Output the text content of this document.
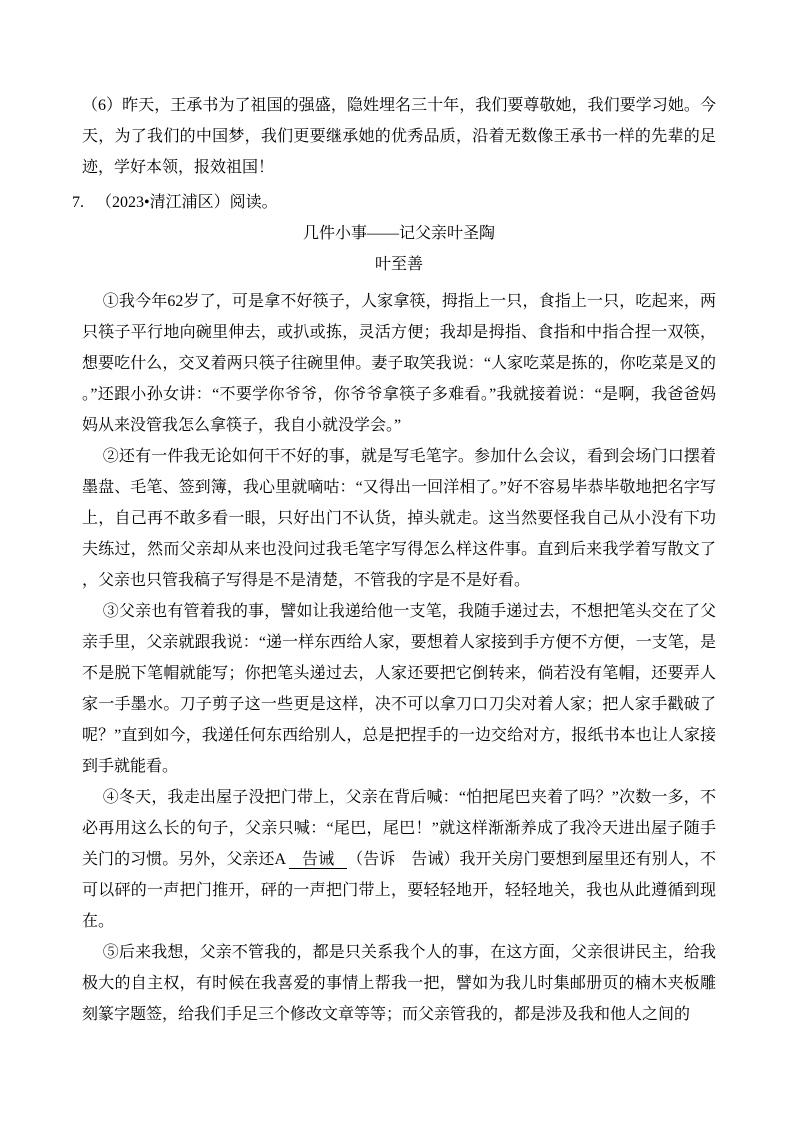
（6）昨天，王承书为了祖国的强盛，隐姓埋名三十年，我们要尊敬她，我们要学习她。今天，为了我们的中国梦，我们更要继承她的优秀品质，沿着无数像王承书一样的先辈的足迹，学好本领，报效祖国！

7. （2023•清江浦区）阅读。

几件小事——记父亲叶圣陶

叶至善

①我今年62岁了，可是拿不好筷子，人家拿筷，拇指上一只，食指上一只，吃起来，两只筷子平行地向碗里伸去，或扒或拣，灵活方便；我却是拇指、食指和中指合捏一双筷，想要吃什么，交叉着两只筷子往碗里伸。妻子取笑我说：“人家吃菜是拣的，你吃菜是叉的。”还跟小孙女讲：“不要学你爷爷，你爷爷拿筷子多难看。”我就接着说：“是啊，我爸爸妈妈从来没管我怎么拿筷子，我自小就没学会。”

②还有一件我无论如何干不好的事，就是写毛笔字。参加什么会议，看到会场门口摆着墨盘、毛笔、签到簿，我心里就嘀咕：“又得出一回洋相了。”好不容易毕恭毕敬地把名字写上，自己再不敢多看一眼，只好出门不认货，掉头就走。这当然要怪我自己从小没有下功夫练过，然而父亲却从来也没问过我毛笔字写得怎么样这件事。直到后来我学着写散文了，父亲也只管我稿子写得是不是清楚，不管我的字是不是好看。

③父亲也有管着我的事，譬如让我递给他一支笔，我随手递过去，不想把笔头交在了父亲手里，父亲就跟我说：“递一样东西给人家，要想着人家接到手方便不方便，一支笔，是不是脱下笔帽就能写；你把笔头递过去，人家还要把它倒转来，倘若没有笔帽，还要弄人家一手墨水。刀子剪子这一些更是这样，决不可以拿刀口刀尖对着人家；把人家手戳破了呢？”直到如今，我递任何东西给别人，总是把捏手的一边交给对方，报纸书本也让人家接到手就能看。

④冬天，我走出屋子没把门带上，父亲在背后喊：“怕把尾巴夹着了吗？”次数一多，不必再用这么长的句子，父亲只喊：“尾巴，尾巴！”就这样渐渐养成了我冷天进出屋子随手关门的习惯。另外，父亲还A 告诫 （告诉　告诫）我开关房门要想到屋里还有别人，不可以砰的一声把门推开，砰的一声把门带上，要轻轻地开，轻轻地关，我也从此遵循到现在。

⑤后来我想，父亲不管我的，都是只关系我个人的事，在这方面，父亲很讲民主，给我极大的自主权，有时候在我喜爱的事情上帮我一把，譬如为我儿时集邮册页的楠木夹板雕刻篆字题签，给我们手足三个修改文章等等；而父亲管我的，都是涉及我和他人之间的
